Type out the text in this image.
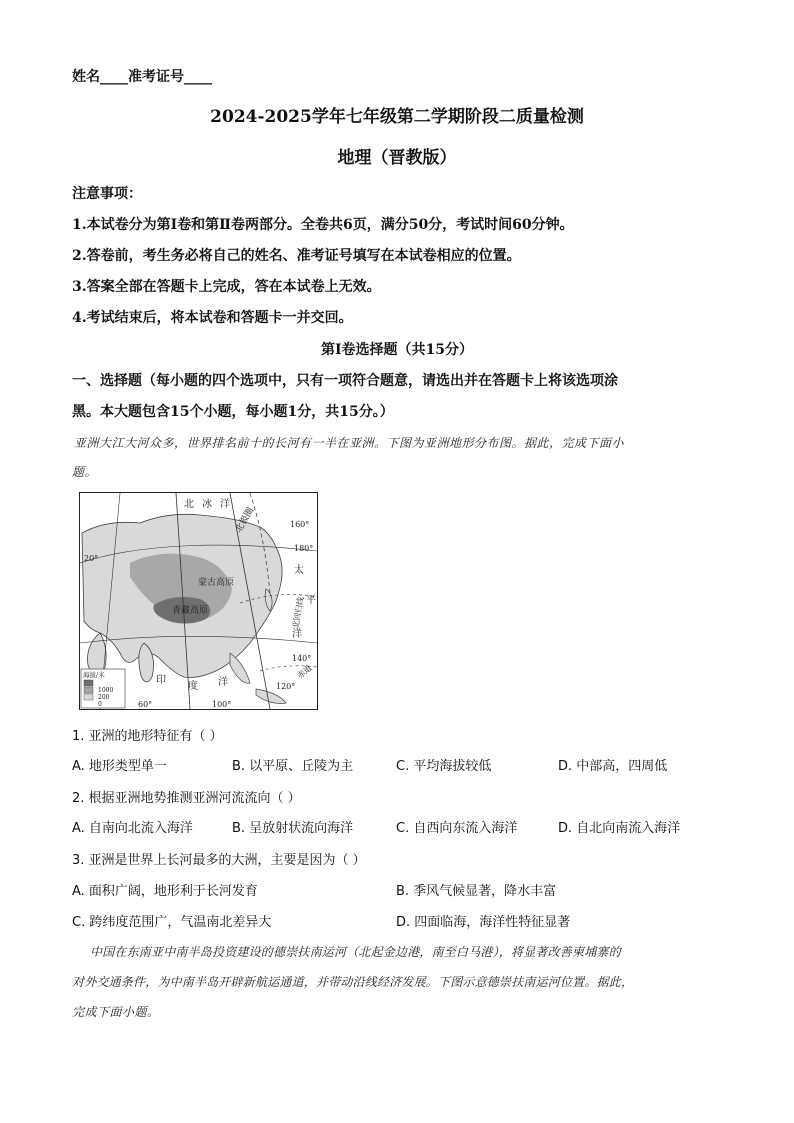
姓名____准考证号____
2024-2025学年七年级第二学期阶段二质量检测
地理（晋教版）
注意事项：
1.本试卷分为第Ⅰ卷和第Ⅱ卷两部分。全卷共6页，满分50分，考试时间60分钟。
2.答卷前，考生务必将自己的姓名、准考证号填写在本试卷相应的位置。
3.答案全部在答题卡上完成，答在本试卷上无效。
4.考试结束后，将本试卷和答题卡一并交回。
第Ⅰ卷选择题（共15分）
一、选择题（每小题的四个选项中，只有一项符合题意，请选出并在答题卡上将该选项涂
黑。本大题包含15个小题，每小题1分，共15分。）
亚洲大江大河众多，世界排名前十的长河有一半在亚洲。下图为亚洲地形分布图。据此，完成下面小
题。
北 冰 洋
北极圈
20°
160°
180°
太
平
洋
蒙古高原
青藏高原	北回归线
140°
赤道
120°
100°
印
度 洋
60°
海拔/米
1000
200
0
1. 亚洲的地形特征有（ ）
A. 地形类型单一	B. 以平原、丘陵为主	C. 平均海拔较低	D. 中部高，四周低
2. 根据亚洲地势推测亚洲河流流向（ ）
A. 自南向北流入海洋	B. 呈放射状流向海洋	C. 自西向东流入海洋	D. 自北向南流入海洋
3. 亚洲是世界上长河最多的大洲，主要是因为（ ）
A. 面积广阔，地形利于长河发育	B. 季风气候显著，降水丰富
C. 跨纬度范围广，气温南北差异大	D. 四面临海，海洋性特征显著
中国在东南亚中南半岛投资建设的德崇扶南运河（北起金边港，南至白马港），将显著改善柬埔寨的
对外交通条件，为中南半岛开辟新航运通道，并带动沿线经济发展。下图示意德崇扶南运河位置。据此，
完成下面小题。
